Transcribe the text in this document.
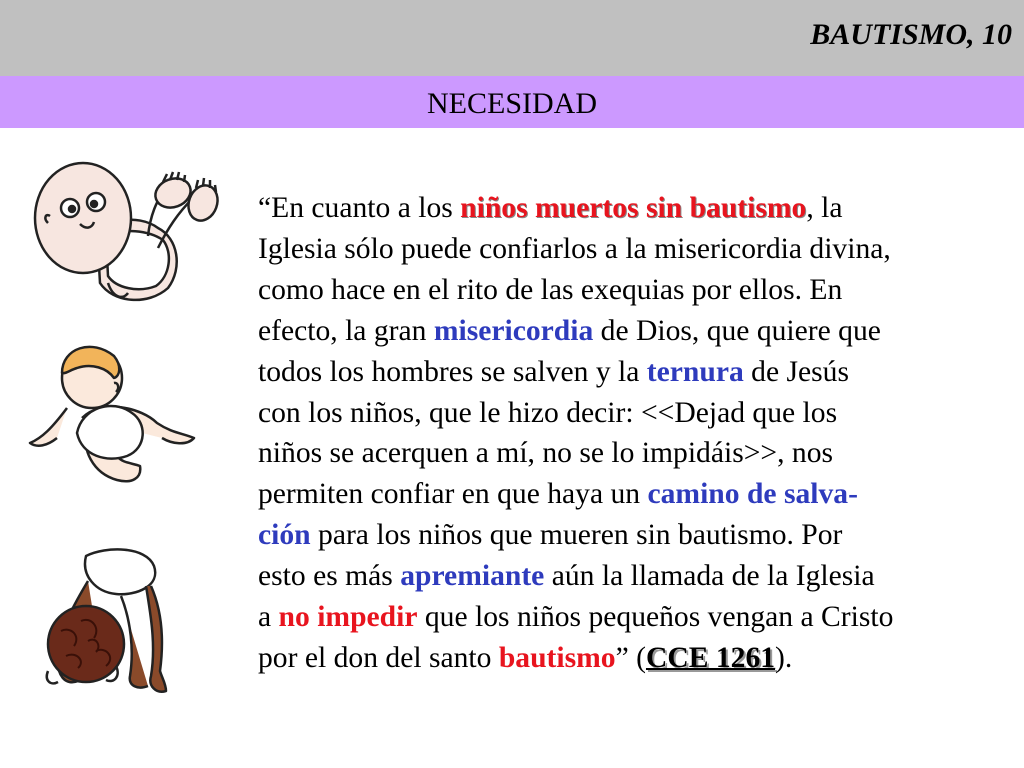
BAUTISMO, 10
NECESIDAD
“En cuanto a los niños muertos sin bautismo, la
Iglesia sólo puede confiarlos a la misericordia divina,
como hace en el rito de las exequias por ellos. En
efecto, la gran misericordia de Dios, que quiere que
todos los hombres se salven y la ternura de Jesús
con los niños, que le hizo decir: <<Dejad que los
niños se acerquen a mí, no se lo impidáis>>, nos
permiten confiar en que haya un camino de salva-
ción para los niños que mueren sin bautismo. Por
esto es más apremiante aún la llamada de la Iglesia
a no impedir que los niños pequeños vengan a Cristo
por el don del santo bautismo” (CCE 1261).
